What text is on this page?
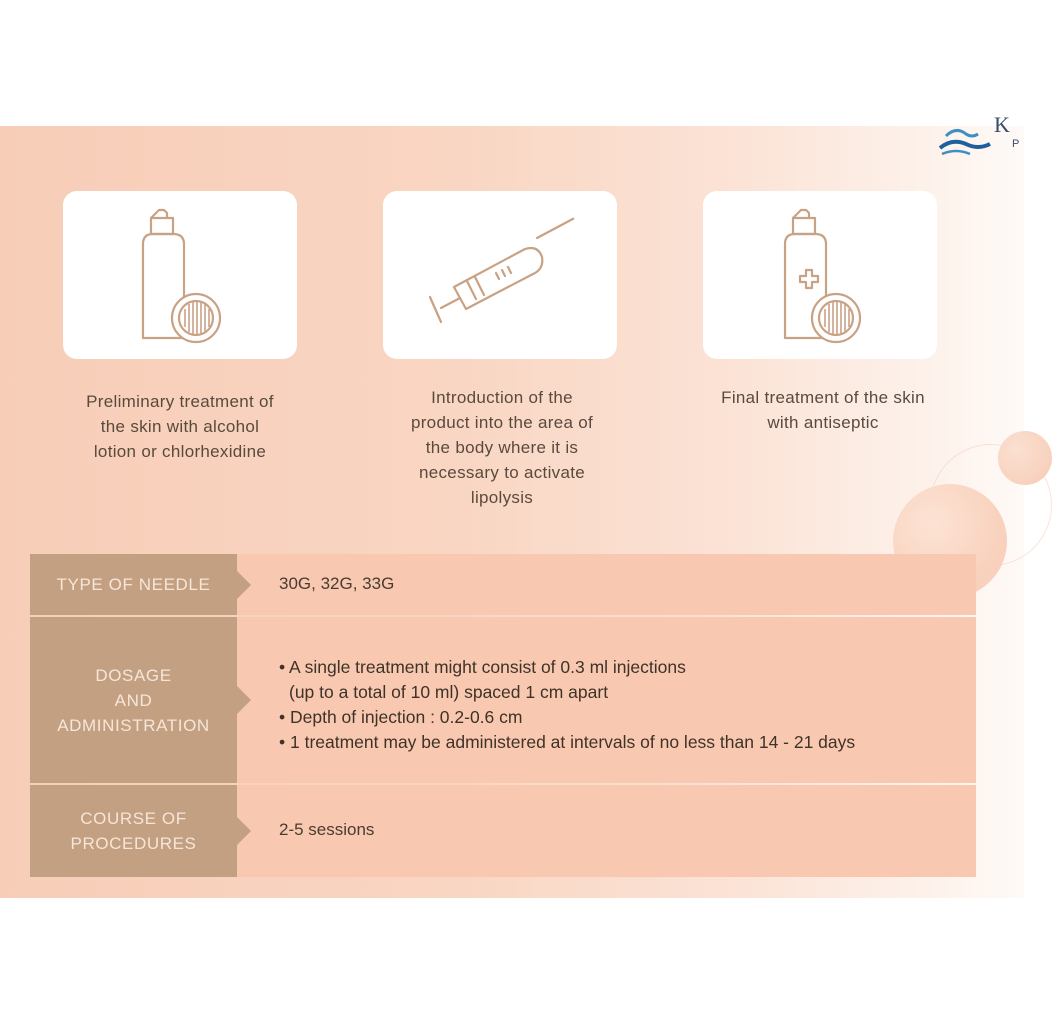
K
P
Preliminary treatment of
the skin with alcohol
lotion or chlorhexidine
Introduction of the
product into the area of
the body where it is
necessary to activate
lipolysis
Final treatment of the skin
with antiseptic
30G, 32G, 33G
TYPE OF NEEDLE
• A single treatment might consist of 0.3 ml injections
(up to a total of 10 ml) spaced 1 cm apart
• Depth of injection : 0.2-0.6 cm
• 1 treatment may be administered at intervals of no less than 14 - 21 days
DOSAGE
AND
ADMINISTRATION
2-5 sessions
COURSE OF
PROCEDURES
